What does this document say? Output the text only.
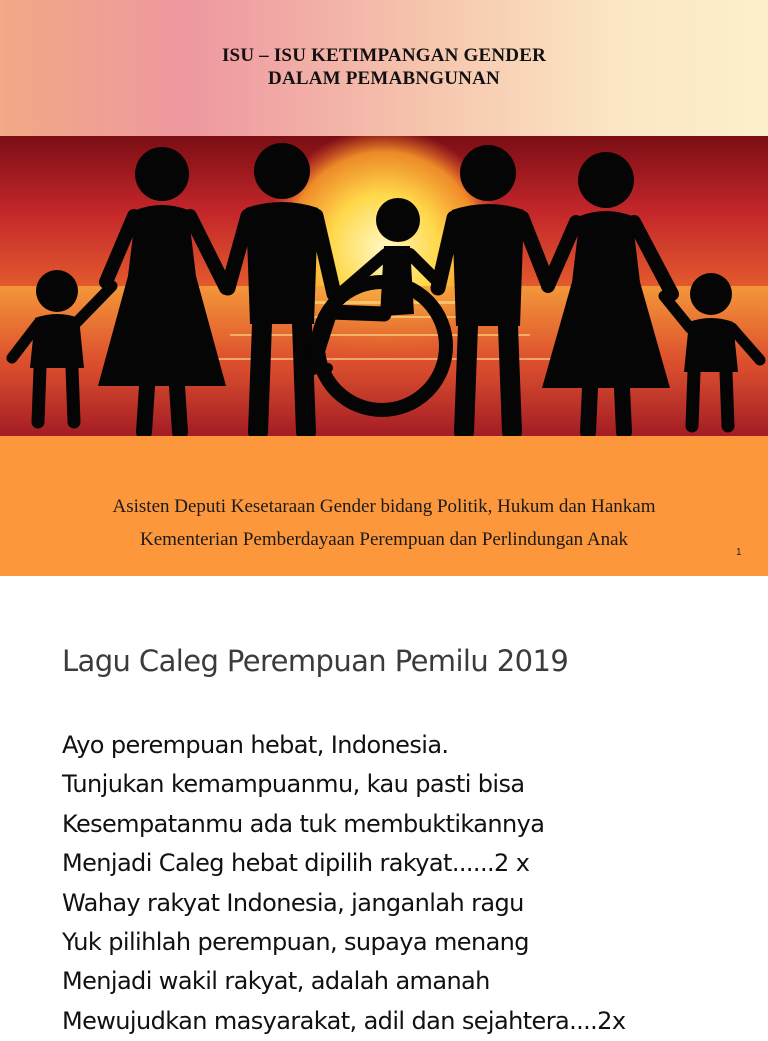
ISU – ISU KETIMPANGAN GENDER
DALAM PEMABNGUNAN
Asisten Deputi Kesetaraan Gender bidang Politik, Hukum dan Hankam
Kementerian Pemberdayaan Perempuan dan Perlindungan Anak
1
Lagu Caleg Perempuan Pemilu 2019
Ayo perempuan hebat, Indonesia.
Tunjukan kemampuanmu, kau pasti bisa
Kesempatanmu ada tuk membuktikannya
Menjadi Caleg hebat dipilih rakyat......2 x
Wahay rakyat Indonesia, janganlah ragu
Yuk pilihlah perempuan, supaya menang
Menjadi wakil rakyat, adalah amanah
Mewujudkan masyarakat, adil dan sejahtera....2x
